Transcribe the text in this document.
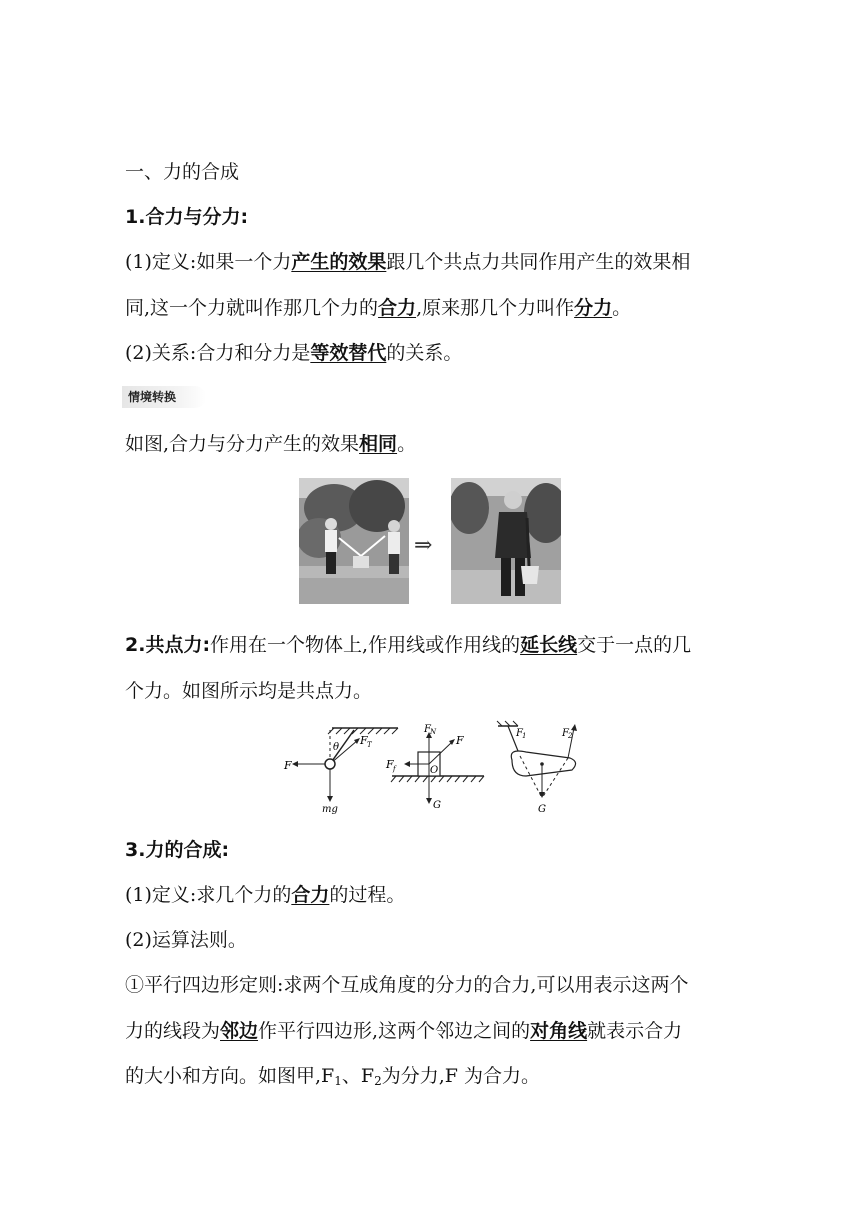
一、力的合成
1.合力与分力:
(1)定义:如果一个力产生的效果跟几个共点力共同作用产生的效果相
同,这一个力就叫作那几个力的合力,原来那几个力叫作分力。
(2)关系:合力和分力是等效替代的关系。
情境转换
如图,合力与分力产生的效果相同。
⇒
2.共点力:作用在一个物体上,作用线或作用线的延长线交于一点的几
个力。如图所示均是共点力。
F
F T
θ
mg
F N
F
F f	O
G
F 1	F 2
G
3.力的合成:
(1)定义:求几个力的合力的过程。
(2)运算法则。
①平行四边形定则:求两个互成角度的分力的合力,可以用表示这两个
力的线段为邻边作平行四边形,这两个邻边之间的对角线就表示合力
的大小和方向。如图甲$,F_1$、$F_2$为分力,F 为合力。
